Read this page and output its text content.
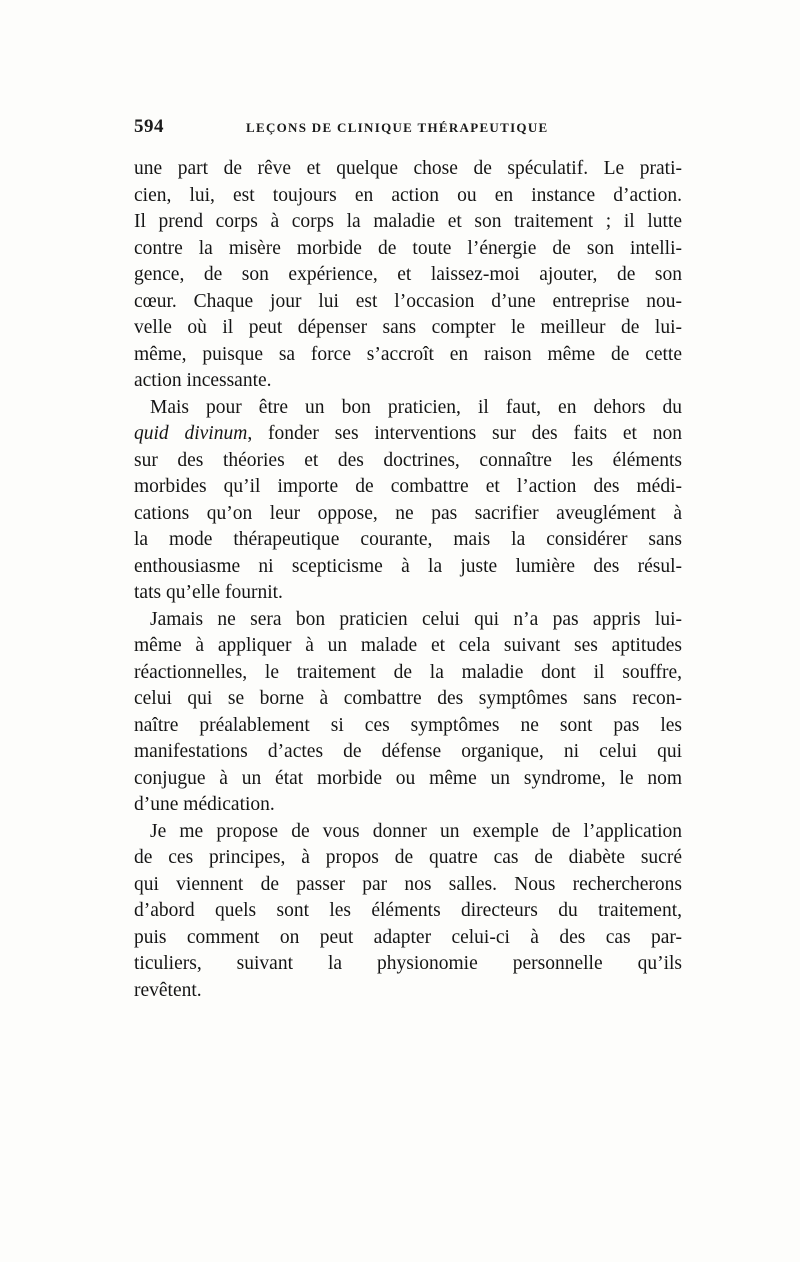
594	LEÇONS DE CLINIQUE THÉRAPEUTIQUE
une part de rêve et quelque chose de spéculatif. Le prati-
cien, lui, est toujours en action ou en instance d’action.
Il prend corps à corps la maladie et son traitement ; il lutte
contre la misère morbide de toute l’énergie de son intelli-
gence, de son expérience, et laissez-moi ajouter, de son
cœur. Chaque jour lui est l’occasion d’une entreprise nou-
velle où il peut dépenser sans compter le meilleur de lui-
même, puisque sa force s’accroît en raison même de cette
action incessante.
Mais pour être un bon praticien, il faut, en dehors du
quid divinum, fonder ses interventions sur des faits et non
sur des théories et des doctrines, connaître les éléments
morbides qu’il importe de combattre et l’action des médi-
cations qu’on leur oppose, ne pas sacrifier aveuglément à
la mode thérapeutique courante, mais la considérer sans
enthousiasme ni scepticisme à la juste lumière des résul-
tats qu’elle fournit.
Jamais ne sera bon praticien celui qui n’a pas appris lui-
même à appliquer à un malade et cela suivant ses aptitudes
réactionnelles, le traitement de la maladie dont il souffre,
celui qui se borne à combattre des symptômes sans recon-
naître préalablement si ces symptômes ne sont pas les
manifestations d’actes de défense organique, ni celui qui
conjugue à un état morbide ou même un syndrome, le nom
d’une médication.
Je me propose de vous donner un exemple de l’application
de ces principes, à propos de quatre cas de diabète sucré
qui viennent de passer par nos salles. Nous rechercherons
d’abord quels sont les éléments directeurs du traitement,
puis comment on peut adapter celui-ci à des cas par-
ticuliers, suivant la physionomie personnelle qu’ils
revêtent.
